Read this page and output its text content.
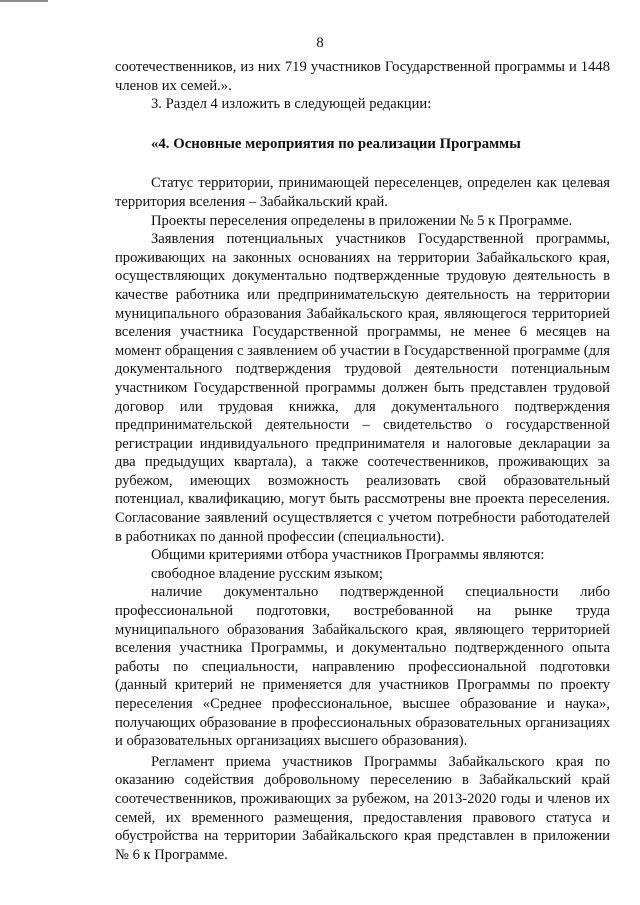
8

соотечественников, из них 719 участников Государственной программы и 1448 членов их семей.».

3. Раздел 4 изложить в следующей редакции:

«4. Основные мероприятия по реализации Программы

Статус территории, принимающей переселенцев, определен как целевая территория вселения – Забайкальский край.

Проекты переселения определены в приложении № 5 к Программе.

Заявления потенциальных участников Государственной программы, проживающих на законных основаниях на территории Забайкальского края, осуществляющих документально подтвержденные трудовую деятельность в качестве работника или предпринимательскую деятельность на территории муниципального образования Забайкальского края, являющегося территорией вселения участника Государственной программы, не менее 6 месяцев на момент обращения с заявлением об участии в Государственной программе (для документального подтверждения трудовой деятельности потенциальным участником Государственной программы должен быть представлен трудовой договор или трудовая книжка, для документального подтверждения предпринимательской деятельности – свидетельство о государственной регистрации индивидуального предпринимателя и налоговые декларации за два предыдущих квартала), а также соотечественников, проживающих за рубежом, имеющих возможность реализовать свой образовательный потенциал, квалификацию, могут быть рассмотрены вне проекта переселения. Согласование заявлений осуществляется с учетом потребности работодателей в работниках по данной профессии (специальности).

Общими критериями отбора участников Программы являются:

свободное владение русским языком;

наличие документально подтвержденной специальности либо профессиональной подготовки, востребованной на рынке труда муниципального образования Забайкальского края, являющего территорией вселения участника Программы, и документально подтвержденного опыта работы по специальности, направлению профессиональной подготовки (данный критерий не применяется для участников Программы по проекту переселения «Среднее профессиональное, высшее образование и наука», получающих образование в профессиональных образовательных организациях и образовательных организациях высшего образования).

Регламент приема участников Программы Забайкальского края по оказанию содействия добровольному переселению в Забайкальский край соотечественников, проживающих за рубежом, на 2013-2020 годы и членов их семей, их временного размещения, предоставления правового статуса и обустройства на территории Забайкальского края представлен в приложении № 6 к Программе.
